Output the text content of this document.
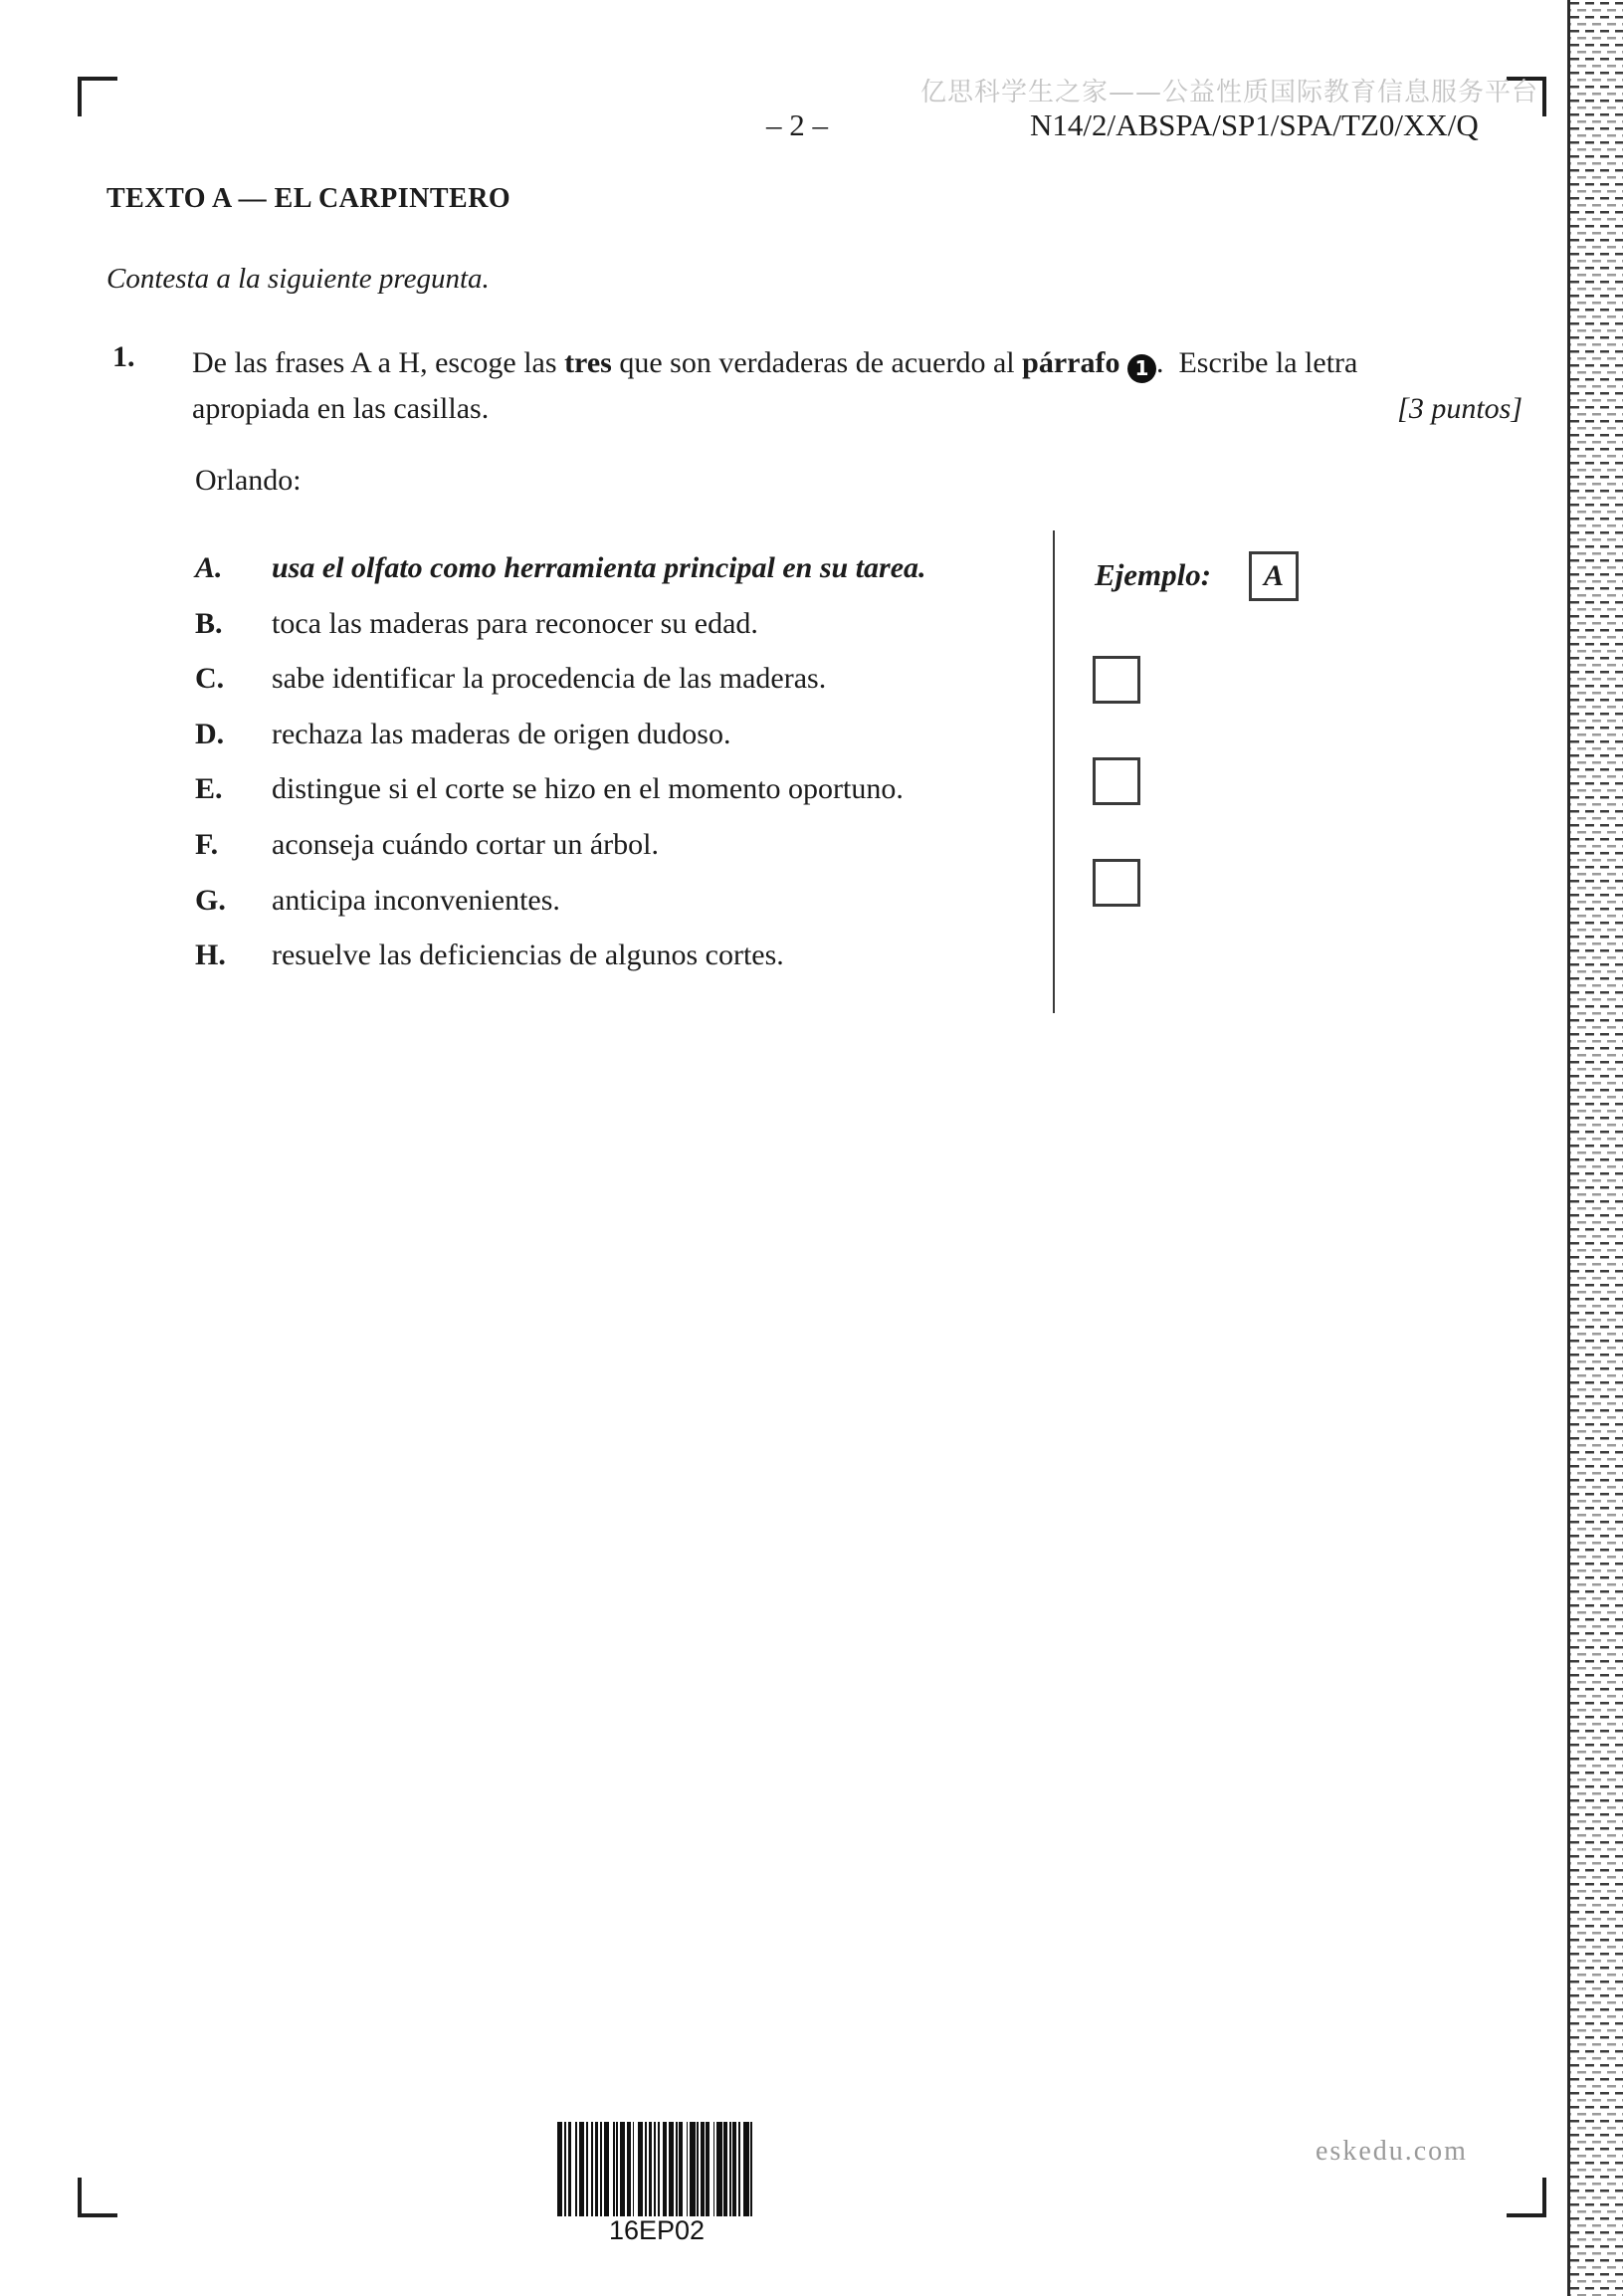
亿思科学生之家——公益性质国际教育信息服务平台
– 2 –	N14/2/ABSPA/SP1/SPA/TZ0/XX/Q
TEXTO A — EL CARPINTERO
Contesta a la siguiente pregunta.
1. De las frases A a H, escoge las tres que son verdaderas de acuerdo al párrafo 1 .  Escribe la letra
[3 puntos]
apropiada en las casillas.
Orlando:
A. usa el olfato como herramienta principal en su tarea.
B. toca las maderas para reconocer su edad.
C. sabe identificar la procedencia de las maderas.
D. rechaza las maderas de origen dudoso.
E. distingue si el corte se hizo en el momento oportuno.
F. aconseja cuándo cortar un árbol.
G. anticipa inconvenientes.
H. resuelve las deficiencias de algunos cortes.
Ejemplo:	A
16EP02
eskedu.com
